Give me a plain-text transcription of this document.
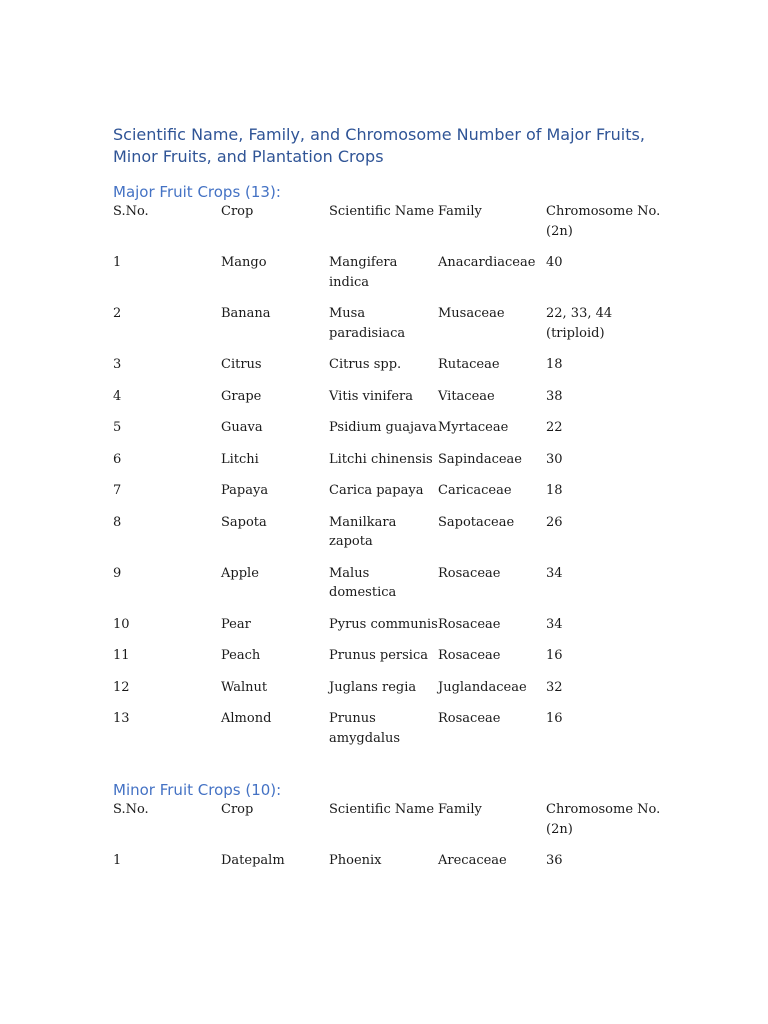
Scientific Name, Family, and Chromosome Number of Major Fruits, Minor Fruits, and Plantation Crops
Major Fruit Crops (13):
S.No.	Crop	Scientific Name	Family	Chromosome No. (2n)
1	Mango	Mangifera indica	Anacardiaceae	40
2	Banana	Musa paradisiaca	Musaceae	22, 33, 44 (triploid)
3	Citrus	Citrus spp.	Rutaceae	18
4	Grape	Vitis vinifera	Vitaceae	38
5	Guava	Psidium guajava	Myrtaceae	22
6	Litchi	Litchi chinensis	Sapindaceae	30
7	Papaya	Carica papaya	Caricaceae	18
8	Sapota	Manilkara zapota	Sapotaceae	26
9	Apple	Malus domestica	Rosaceae	34
10	Pear	Pyrus communis	Rosaceae	34
11	Peach	Prunus persica	Rosaceae	16
12	Walnut	Juglans regia	Juglandaceae	32
13	Almond	Prunus amygdalus	Rosaceae	16
Minor Fruit Crops (10):
S.No.	Crop	Scientific Name	Family	Chromosome No. (2n)
1	Datepalm	Phoenix	Arecaceae	36
